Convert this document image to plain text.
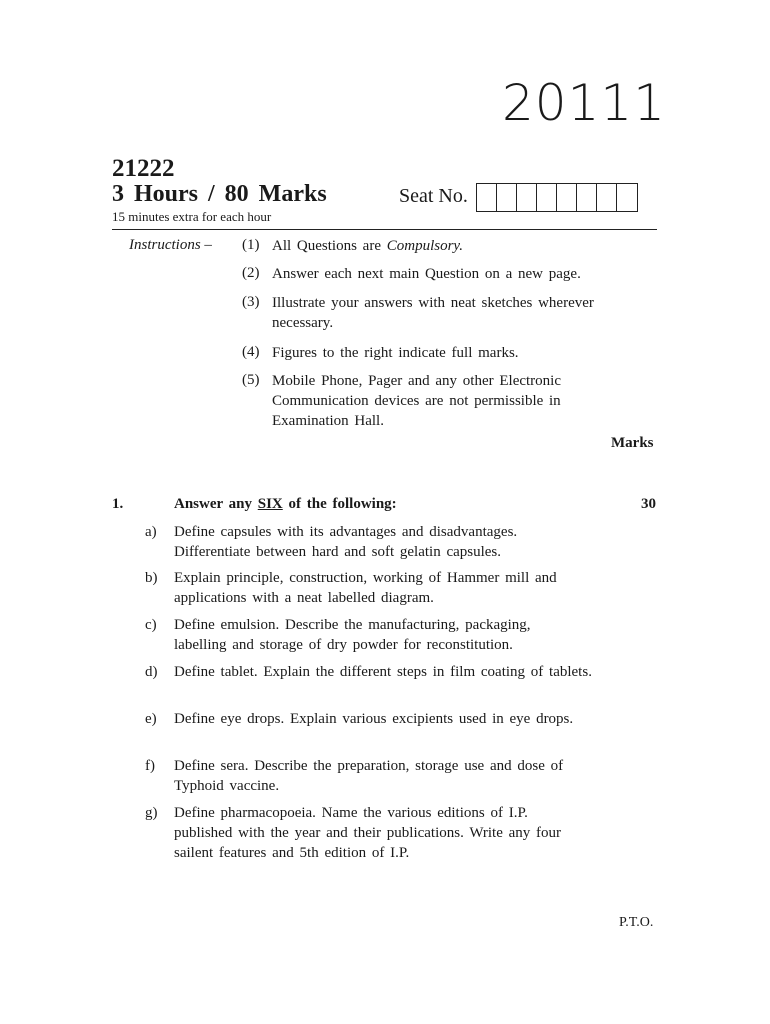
20111
21222
3 Hours / 80 Marks
15 minutes extra for each hour
Seat No.
Instructions – (1) All Questions are Compulsory.
(2) Answer each next main Question on a new page.
(3) Illustrate your answers with neat sketches wherever necessary.
(4) Figures to the right indicate full marks.
(5) Mobile Phone, Pager and any other Electronic Communication devices are not permissible in Examination Hall.
Marks
1.	Answer any SIX of the following:	30
a) Define capsules with its advantages and disadvantages. Differentiate between hard and soft gelatin capsules.
b) Explain principle, construction, working of Hammer mill and applications with a neat labelled diagram.
c) Define emulsion. Describe the manufacturing, packaging, labelling and storage of dry powder for reconstitution.
d) Define tablet. Explain the different steps in film coating of tablets.
e) Define eye drops. Explain various excipients used in eye drops.
f) Define sera. Describe the preparation, storage use and dose of Typhoid vaccine.
g) Define pharmacopoeia. Name the various editions of I.P. published with the year and their publications. Write any four sailent features and 5th edition of I.P.
P.T.O.
